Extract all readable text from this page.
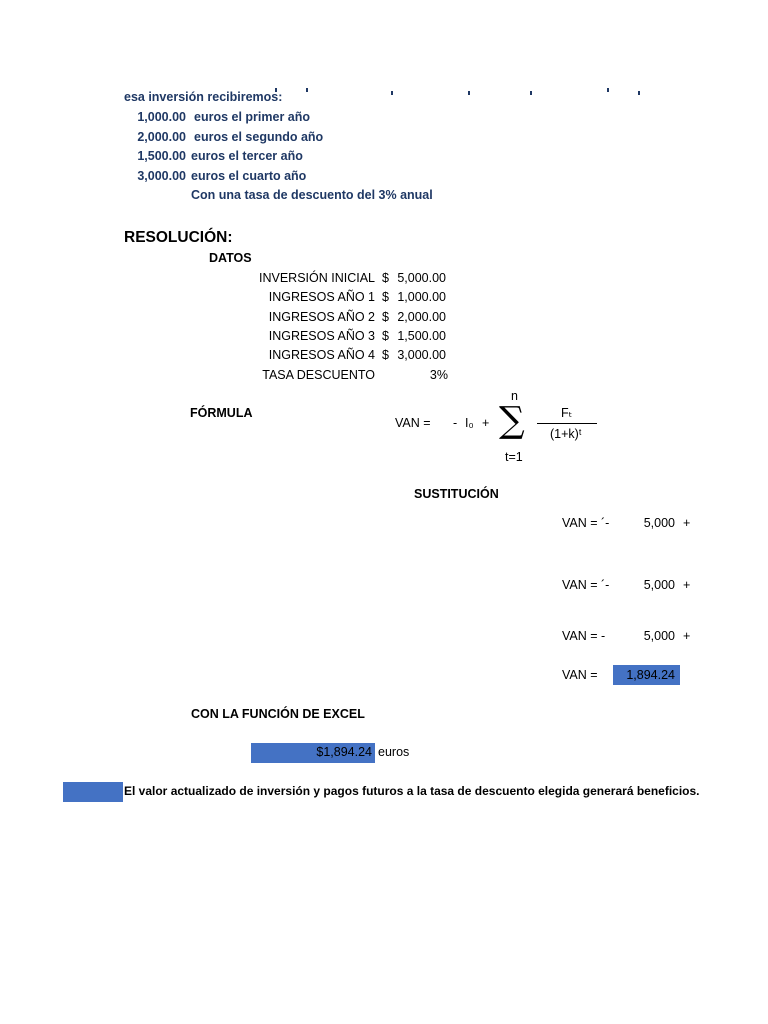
esa inversión recibiremos:
1,000.00 euros el primer año
2,000.00 euros el segundo año
1,500.00 euros el tercer año
3,000.00 euros el cuarto año
Con una tasa de descuento del 3% anual
RESOLUCIÓN:
DATOS
INVERSIÓN INICIAL $ 5,000.00
INGRESOS AÑO 1 $ 1,000.00
INGRESOS AÑO 2 $ 2,000.00
INGRESOS AÑO 3 $ 1,500.00
INGRESOS AÑO 4 $ 3,000.00
TASA DESCUENTO	3%
FÓRMULA
VAN = - I₀ +
n
∑
t=1
Fₜ
(1+k)ᵗ
SUSTITUCIÓN
VAN = ´-	5,000 +
VAN = ´-	5,000 +
VAN = -	5,000 +
VAN =	1,894.24
CON LA FUNCIÓN DE EXCEL
$1,894.24 euros
El valor actualizado de inversión y pagos futuros a la tasa de descuento elegida generará beneficios.
